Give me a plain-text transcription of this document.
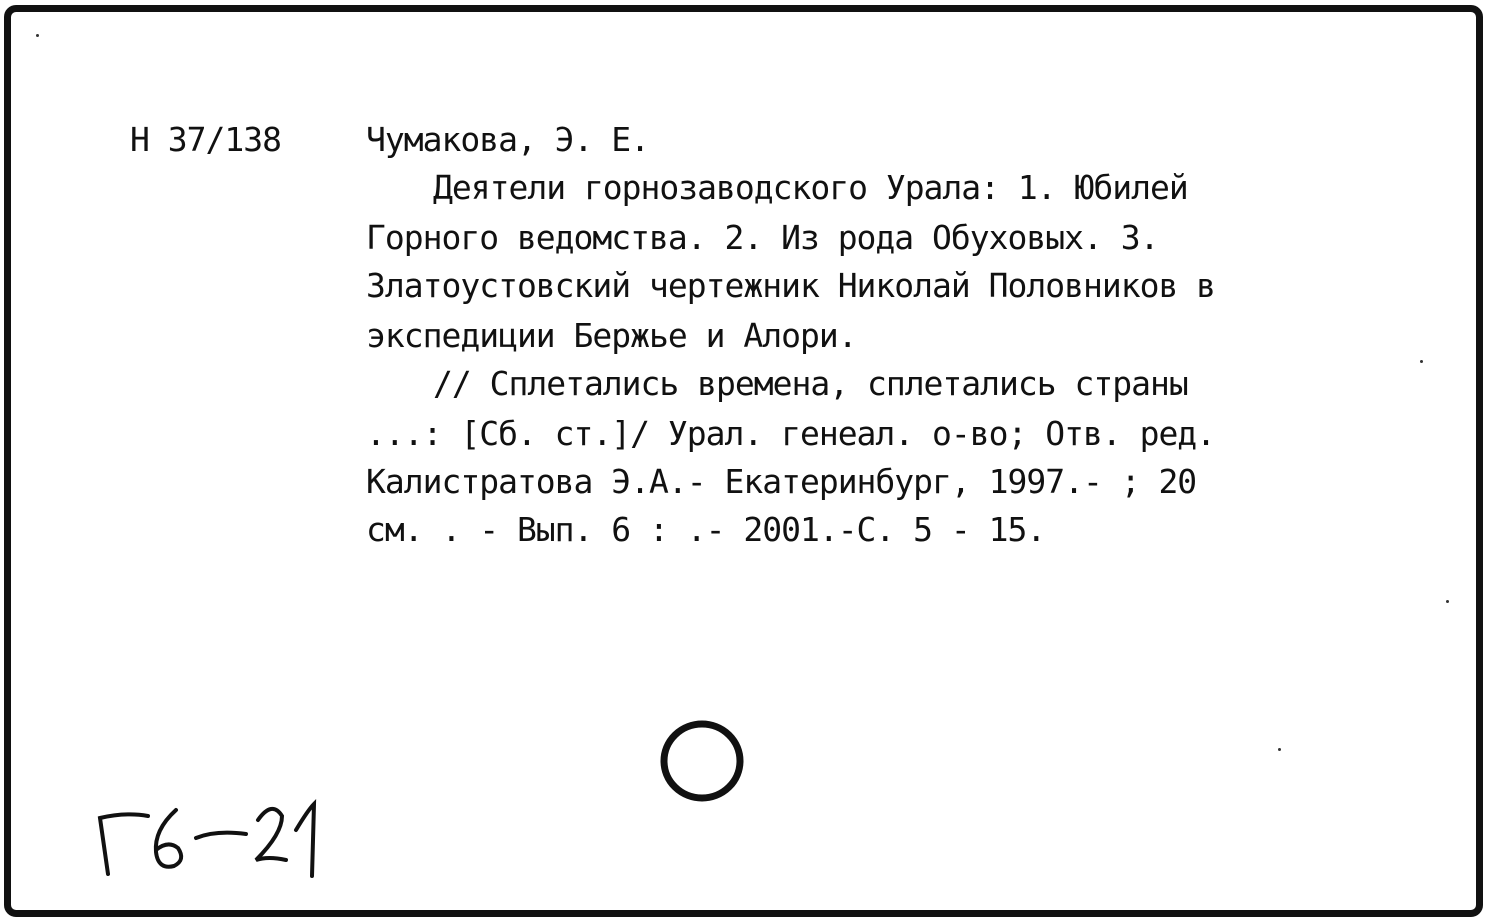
Н 37/138	Чумакова, Э. Е.
Деятели горнозаводского Урала: 1. Юбилей
Горного ведомства. 2. Из рода Обуховых. 3.
Златоустовский чертежник Николай Половников в
экспедиции Бержье и Алори.
// Сплетались времена, сплетались страны
...: [Сб. ст.]/ Урал. генеал. о-во; Отв. ред.
Калистратова Э.А.- Екатеринбург, 1997.- ; 20
см. . - Вып. 6 : .- 2001.-С. 5 - 15.
